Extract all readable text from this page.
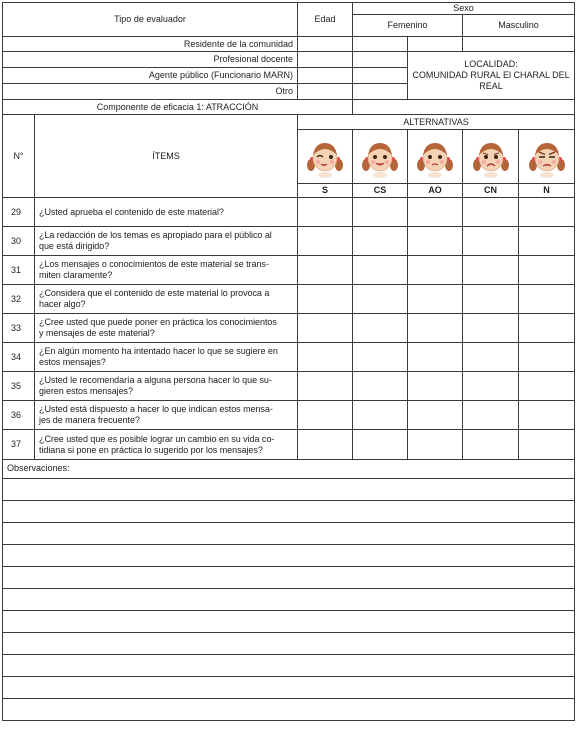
Tipo de evaluador		Edad	Sexo			
			Femenino		Masculino	
Residente de la comunidad						
Profesional docente				LOCALIDAD:
COMUNIDAD RURAL El CHARAL DEL REAL		

Agente público (Funcionario MARN)						
Otro						
Componente de eficacia 1: ATRACCIÓN						
N°	ÍTEMS	ALTERNATIVAS				

		S	CS	AO	CN	N
29	¿Usted aprueba el contenido de este material?					

30	¿La redacción de los temas es apropiado para el público al
que está dirigido?					

31	¿Los mensajes o conocimientos de este material se trans-
miten claramente?					

32	¿Considera que el contenido de este material lo provoca a
hacer algo?					

33	¿Cree usted que puede poner en práctica los conocimientos
y mensajes de este material?					

34	¿En algún momento ha intentado hacer lo que se sugiere en
estos mensajes?					

35	¿Usted le recomendaría a alguna persona hacer lo que su-
gieren estos mensajes?					

36	¿Usted está dispuesto a hacer lo que indican estos mensa-
jes de manera frecuente?					

37	¿Cree usted que es posible lograr un cambio en su vida co-
tidiana si pone en práctica lo sugerido por los mensajes?					

Observaciones:						
